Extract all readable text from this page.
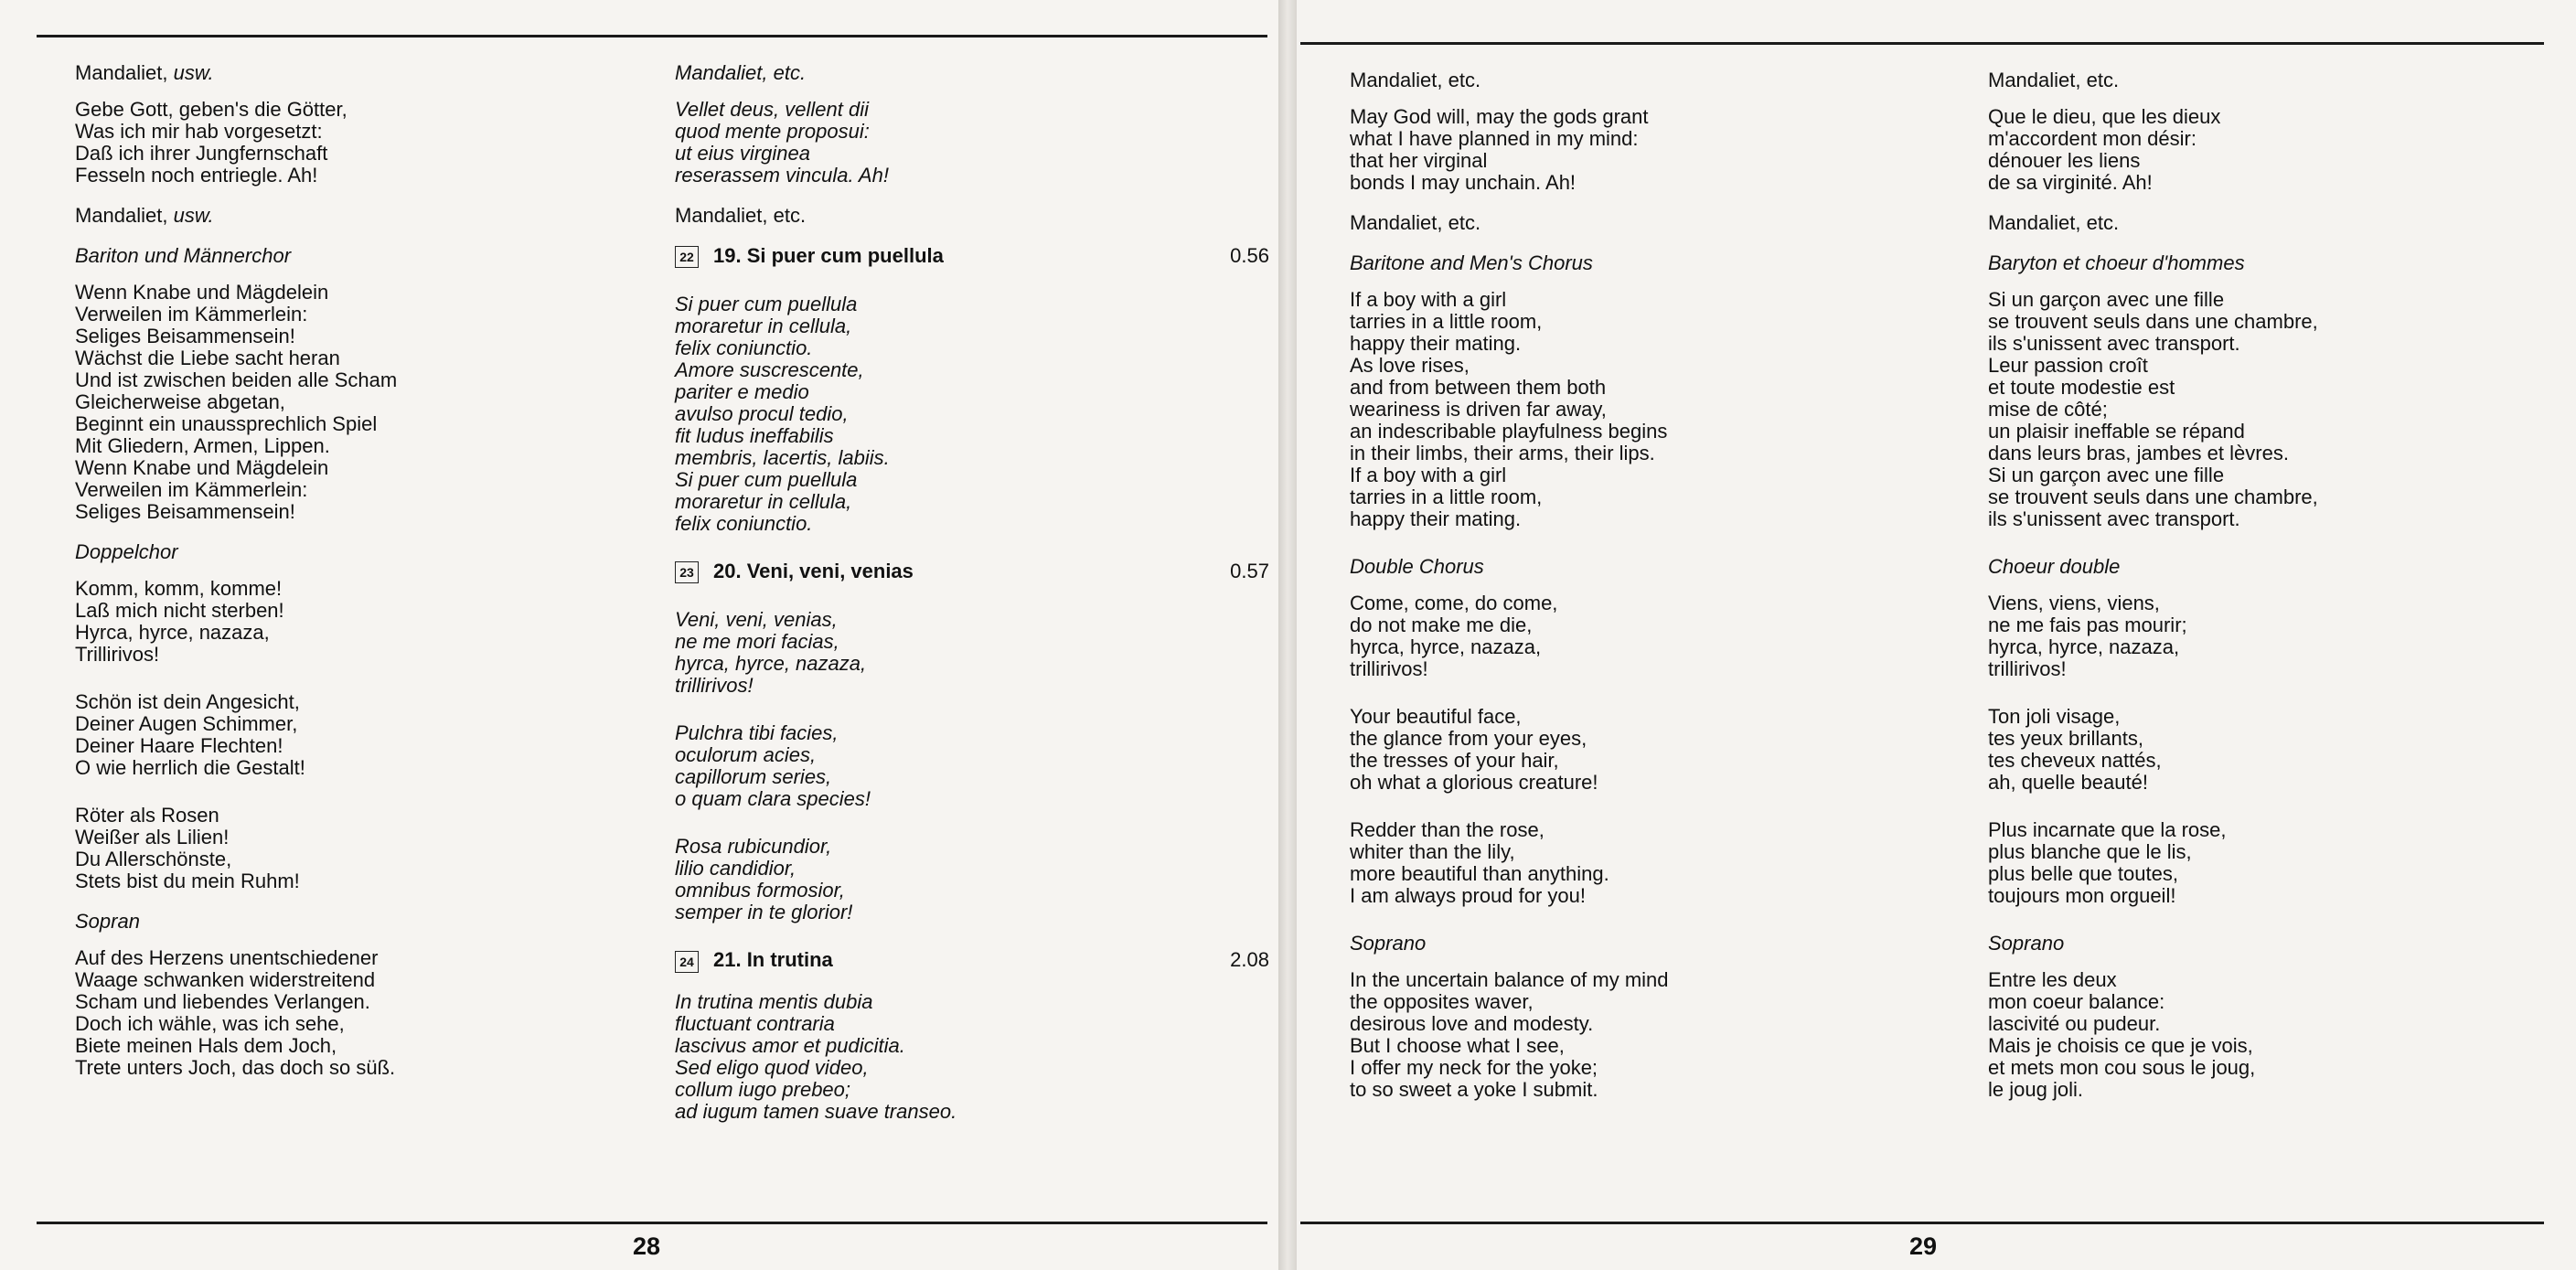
Mandaliet, usw.

Gebe Gott, geben's die Götter,
Was ich mir hab vorgesetzt:
Daß ich ihrer Jungfernschaft
Fesseln noch entriegle. Ah!

Mandaliet, usw.

Bariton und Männerchor

Wenn Knabe und Mägdelein
Verweilen im Kämmerlein:
Seliges Beisammensein!
Wächst die Liebe sacht heran
Und ist zwischen beiden alle Scham
Gleicherweise abgetan,
Beginnt ein unaussprechlich Spiel
Mit Gliedern, Armen, Lippen.
Wenn Knabe und Mägdelein
Verweilen im Kämmerlein:
Seliges Beisammensein!

Doppelchor

Komm, komm, komme!
Laß mich nicht sterben!
Hyrca, hyrce, nazaza,
Trillirivos!

Schön ist dein Angesicht,
Deiner Augen Schimmer,
Deiner Haare Flechten!
O wie herrlich die Gestalt!

Röter als Rosen
Weißer als Lilien!
Du Allerschönste,
Stets bist du mein Ruhm!

Sopran

Auf des Herzens unentschiedener
Waage schwanken widerstreitend
Scham und liebendes Verlangen.
Doch ich wähle, was ich sehe,
Biete meinen Hals dem Joch,
Trete unters Joch, das doch so süß.

Mandaliet, etc.

Vellet deus, vellent dii
quod mente proposui:
ut eius virginea
reserassem vincula. Ah!

Mandaliet, etc.

22 19. Si puer cum puellula	0.56

Si puer cum puellula
moraretur in cellula,
felix coniunctio.
Amore suscrescente,
pariter e medio
avulso procul tedio,
fit ludus ineffabilis
membris, lacertis, labiis.
Si puer cum puellula
moraretur in cellula,
felix coniunctio.

23 20. Veni, veni, venias	0.57

Veni, veni, venias,
ne me mori facias,
hyrca, hyrce, nazaza,
trillirivos!

Pulchra tibi facies,
oculorum acies,
capillorum series,
o quam clara species!

Rosa rubicundior,
lilio candidior,
omnibus formosior,
semper in te glorior!

24 21. In trutina	2.08

In trutina mentis dubia
fluctuant contraria
lascivus amor et pudicitia.
Sed eligo quod video,
collum iugo prebeo;
ad iugum tamen suave transeo.

28

Mandaliet, etc.

May God will, may the gods grant
what I have planned in my mind:
that her virginal
bonds I may unchain. Ah!

Mandaliet, etc.

Baritone and Men's Chorus

If a boy with a girl
tarries in a little room,
happy their mating.
As love rises,
and from between them both
weariness is driven far away,
an indescribable playfulness begins
in their limbs, their arms, their lips.
If a boy with a girl
tarries in a little room,
happy their mating.

Double Chorus

Come, come, do come,
do not make me die,
hyrca, hyrce, nazaza,
trillirivos!

Your beautiful face,
the glance from your eyes,
the tresses of your hair,
oh what a glorious creature!

Redder than the rose,
whiter than the lily,
more beautiful than anything.
I am always proud for you!

Soprano

In the uncertain balance of my mind
the opposites waver,
desirous love and modesty.
But I choose what I see,
I offer my neck for the yoke;
to so sweet a yoke I submit.

Mandaliet, etc.

Que le dieu, que les dieux
m'accordent mon désir:
dénouer les liens
de sa virginité. Ah!

Mandaliet, etc.

Baryton et choeur d'hommes

Si un garçon avec une fille
se trouvent seuls dans une chambre,
ils s'unissent avec transport.
Leur passion croît
et toute modestie est
mise de côté;
un plaisir ineffable se répand
dans leurs bras, jambes et lèvres.
Si un garçon avec une fille
se trouvent seuls dans une chambre,
ils s'unissent avec transport.

Choeur double

Viens, viens, viens,
ne me fais pas mourir;
hyrca, hyrce, nazaza,
trillirivos!

Ton joli visage,
tes yeux brillants,
tes cheveux nattés,
ah, quelle beauté!

Plus incarnate que la rose,
plus blanche que le lis,
plus belle que toutes,
toujours mon orgueil!

Soprano

Entre les deux
mon coeur balance:
lascivité ou pudeur.
Mais je choisis ce que je vois,
et mets mon cou sous le joug,
le joug joli.

29
